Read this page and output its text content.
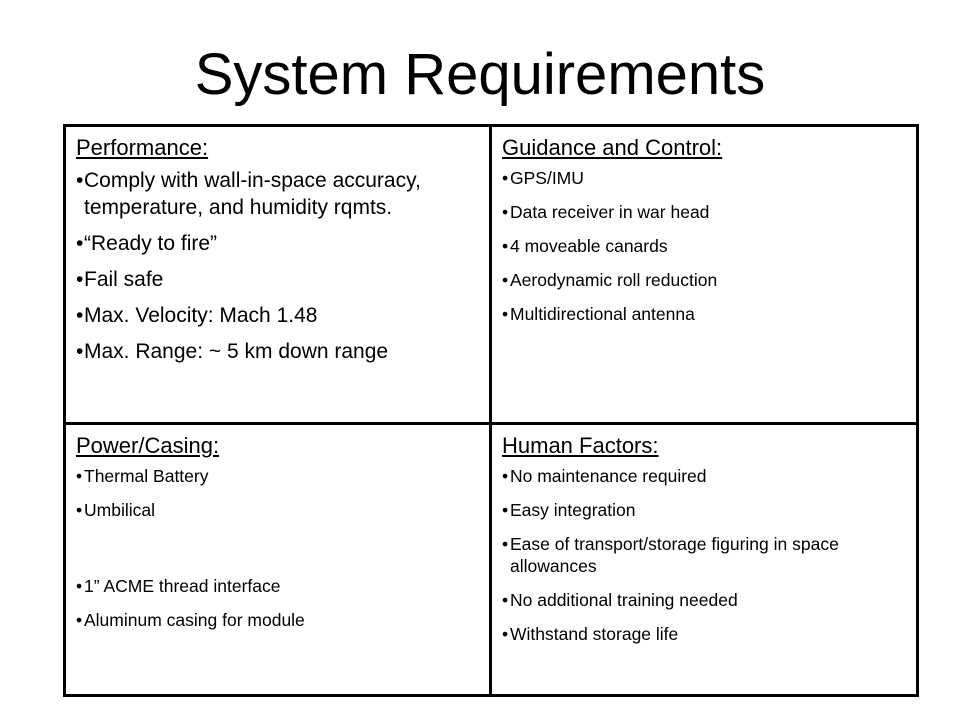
System Requirements
Performance:
• Comply with wall-in-space accuracy, temperature, and humidity rqmts.
• “Ready to fire”
• Fail safe
• Max. Velocity: Mach 1.48
• Max. Range: ~ 5 km down range
Guidance and Control:
• GPS/IMU
• Data receiver in war head
• 4 moveable canards
• Aerodynamic roll reduction
• Multidirectional antenna
Power/Casing:
• Thermal Battery
• Umbilical
• 1” ACME thread interface
• Aluminum casing for module
Human Factors:
• No maintenance required
• Easy integration
• Ease of transport/storage figuring in space allowances
• No additional training needed
• Withstand storage life
